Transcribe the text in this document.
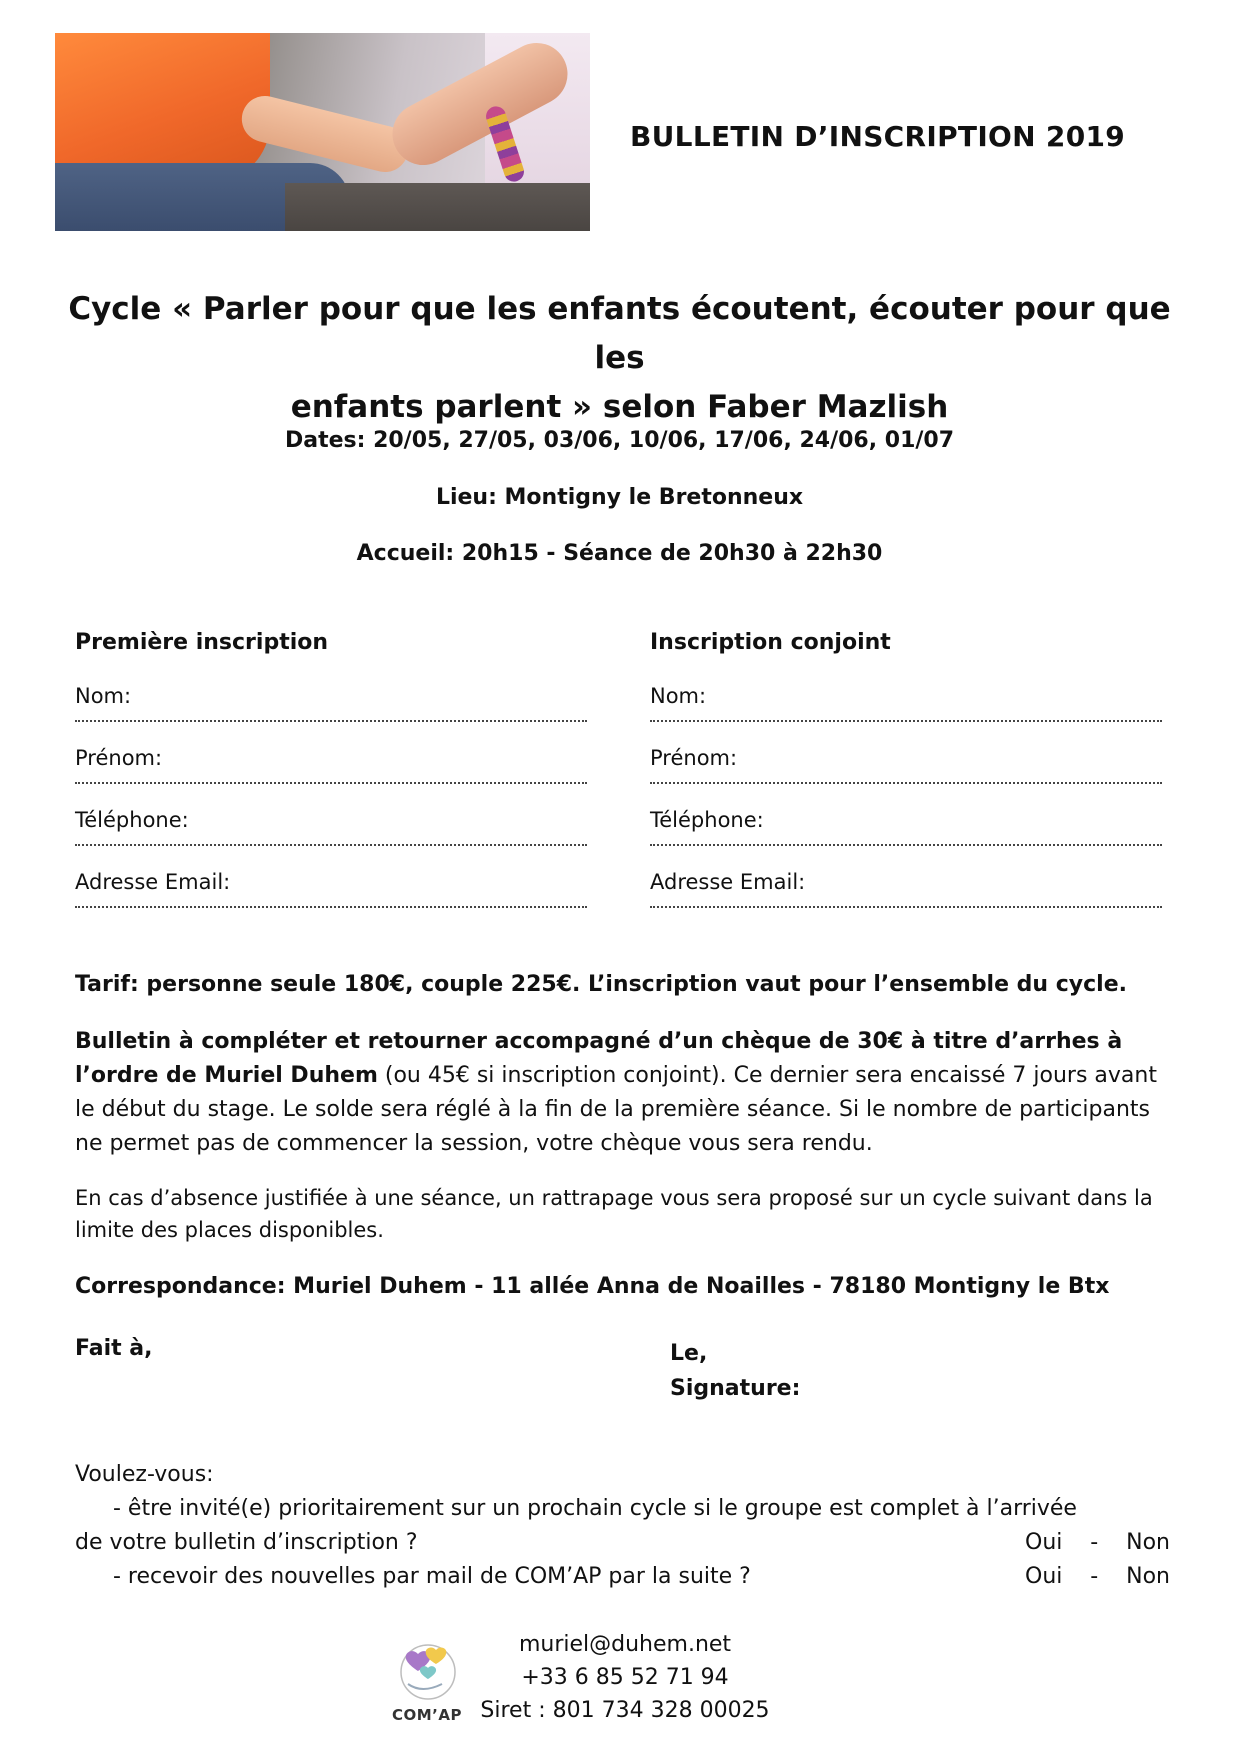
BULLETIN D’INSCRIPTION 2019
Cycle « Parler pour que les enfants écoutent, écouter pour que les
enfants parlent » selon Faber Mazlish
Dates: 20/05, 27/05, 03/06, 10/06, 17/06, 24/06, 01/07
Lieu: Montigny le Bretonneux
Accueil: 20h15 - Séance de 20h30 à 22h30
Première inscription
Nom:
Prénom:
Téléphone:
Adresse Email:
Inscription conjoint
Nom:
Prénom:
Téléphone:
Adresse Email:
Tarif: personne seule 180€, couple 225€. L’inscription vaut pour l’ensemble du cycle.
Bulletin à compléter et retourner accompagné d’un chèque de 30€ à titre d’arrhes à l’ordre de Muriel Duhem (ou 45€ si inscription conjoint). Ce dernier sera encaissé 7 jours avant le début du stage. Le solde sera réglé à la fin de la première séance. Si le nombre de participants ne permet pas de commencer la session, votre chèque vous sera rendu.
En cas d’absence justifiée à une séance, un rattrapage vous sera proposé sur un cycle suivant dans la limite des places disponibles.
Correspondance: Muriel Duhem - 11 allée Anna de Noailles - 78180 Montigny le Btx
Fait à,	Le,
Signature:
Voulez-vous:
- être invité(e) prioritairement sur un prochain cycle si le groupe est complet à l’arrivée
de votre bulletin d’inscription ?	Oui - Non
- recevoir des nouvelles par mail de COM’AP par la suite ?	Oui - Non
COM’AP
muriel@duhem.net
+33 6 85 52 71 94
Siret : 801 734 328 00025
